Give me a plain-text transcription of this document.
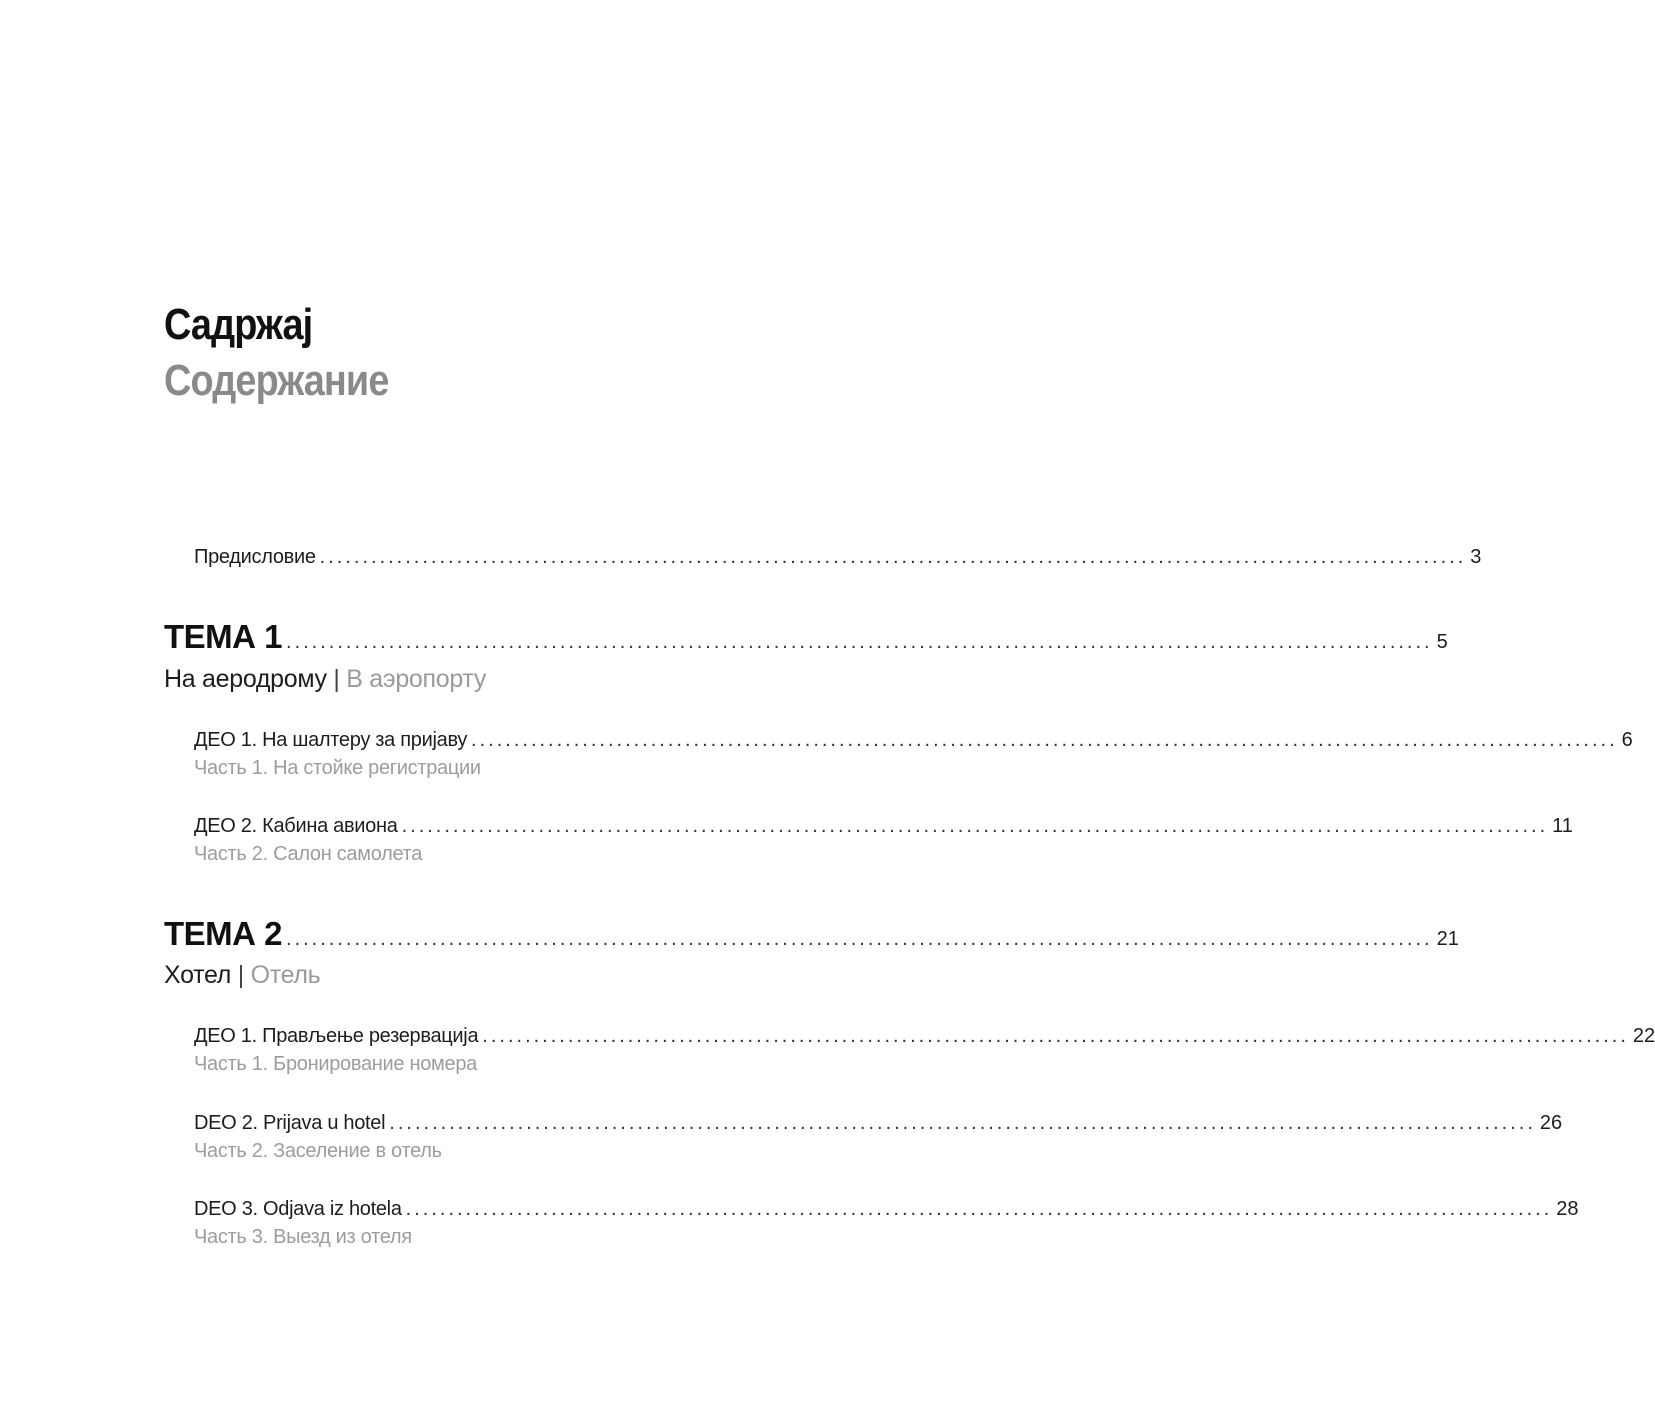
Садржај
Содержание
Предисловие ...................................................................................................................................... 3
ТЕМА 1 ...................................................................................................................................... 5
На аеродрому | В аэропорту
ДЕО 1. На шалтеру за пријаву ...................................................................................................................................... 6
Часть 1. На стойке регистрации
ДЕО 2. Кабина авиона ...................................................................................................................................... 11
Часть 2. Салон самолета
ТЕМА 2 ...................................................................................................................................... 21
Хотел | Отель
ДЕО 1. Прављење резервација ...................................................................................................................................... 22
Часть 1. Бронирование номера
DEO 2. Prijava u hotel ...................................................................................................................................... 26
Часть 2. Заселение в отель
DEO 3. Odjava iz hotela ...................................................................................................................................... 28
Часть 3. Выезд из отеля
